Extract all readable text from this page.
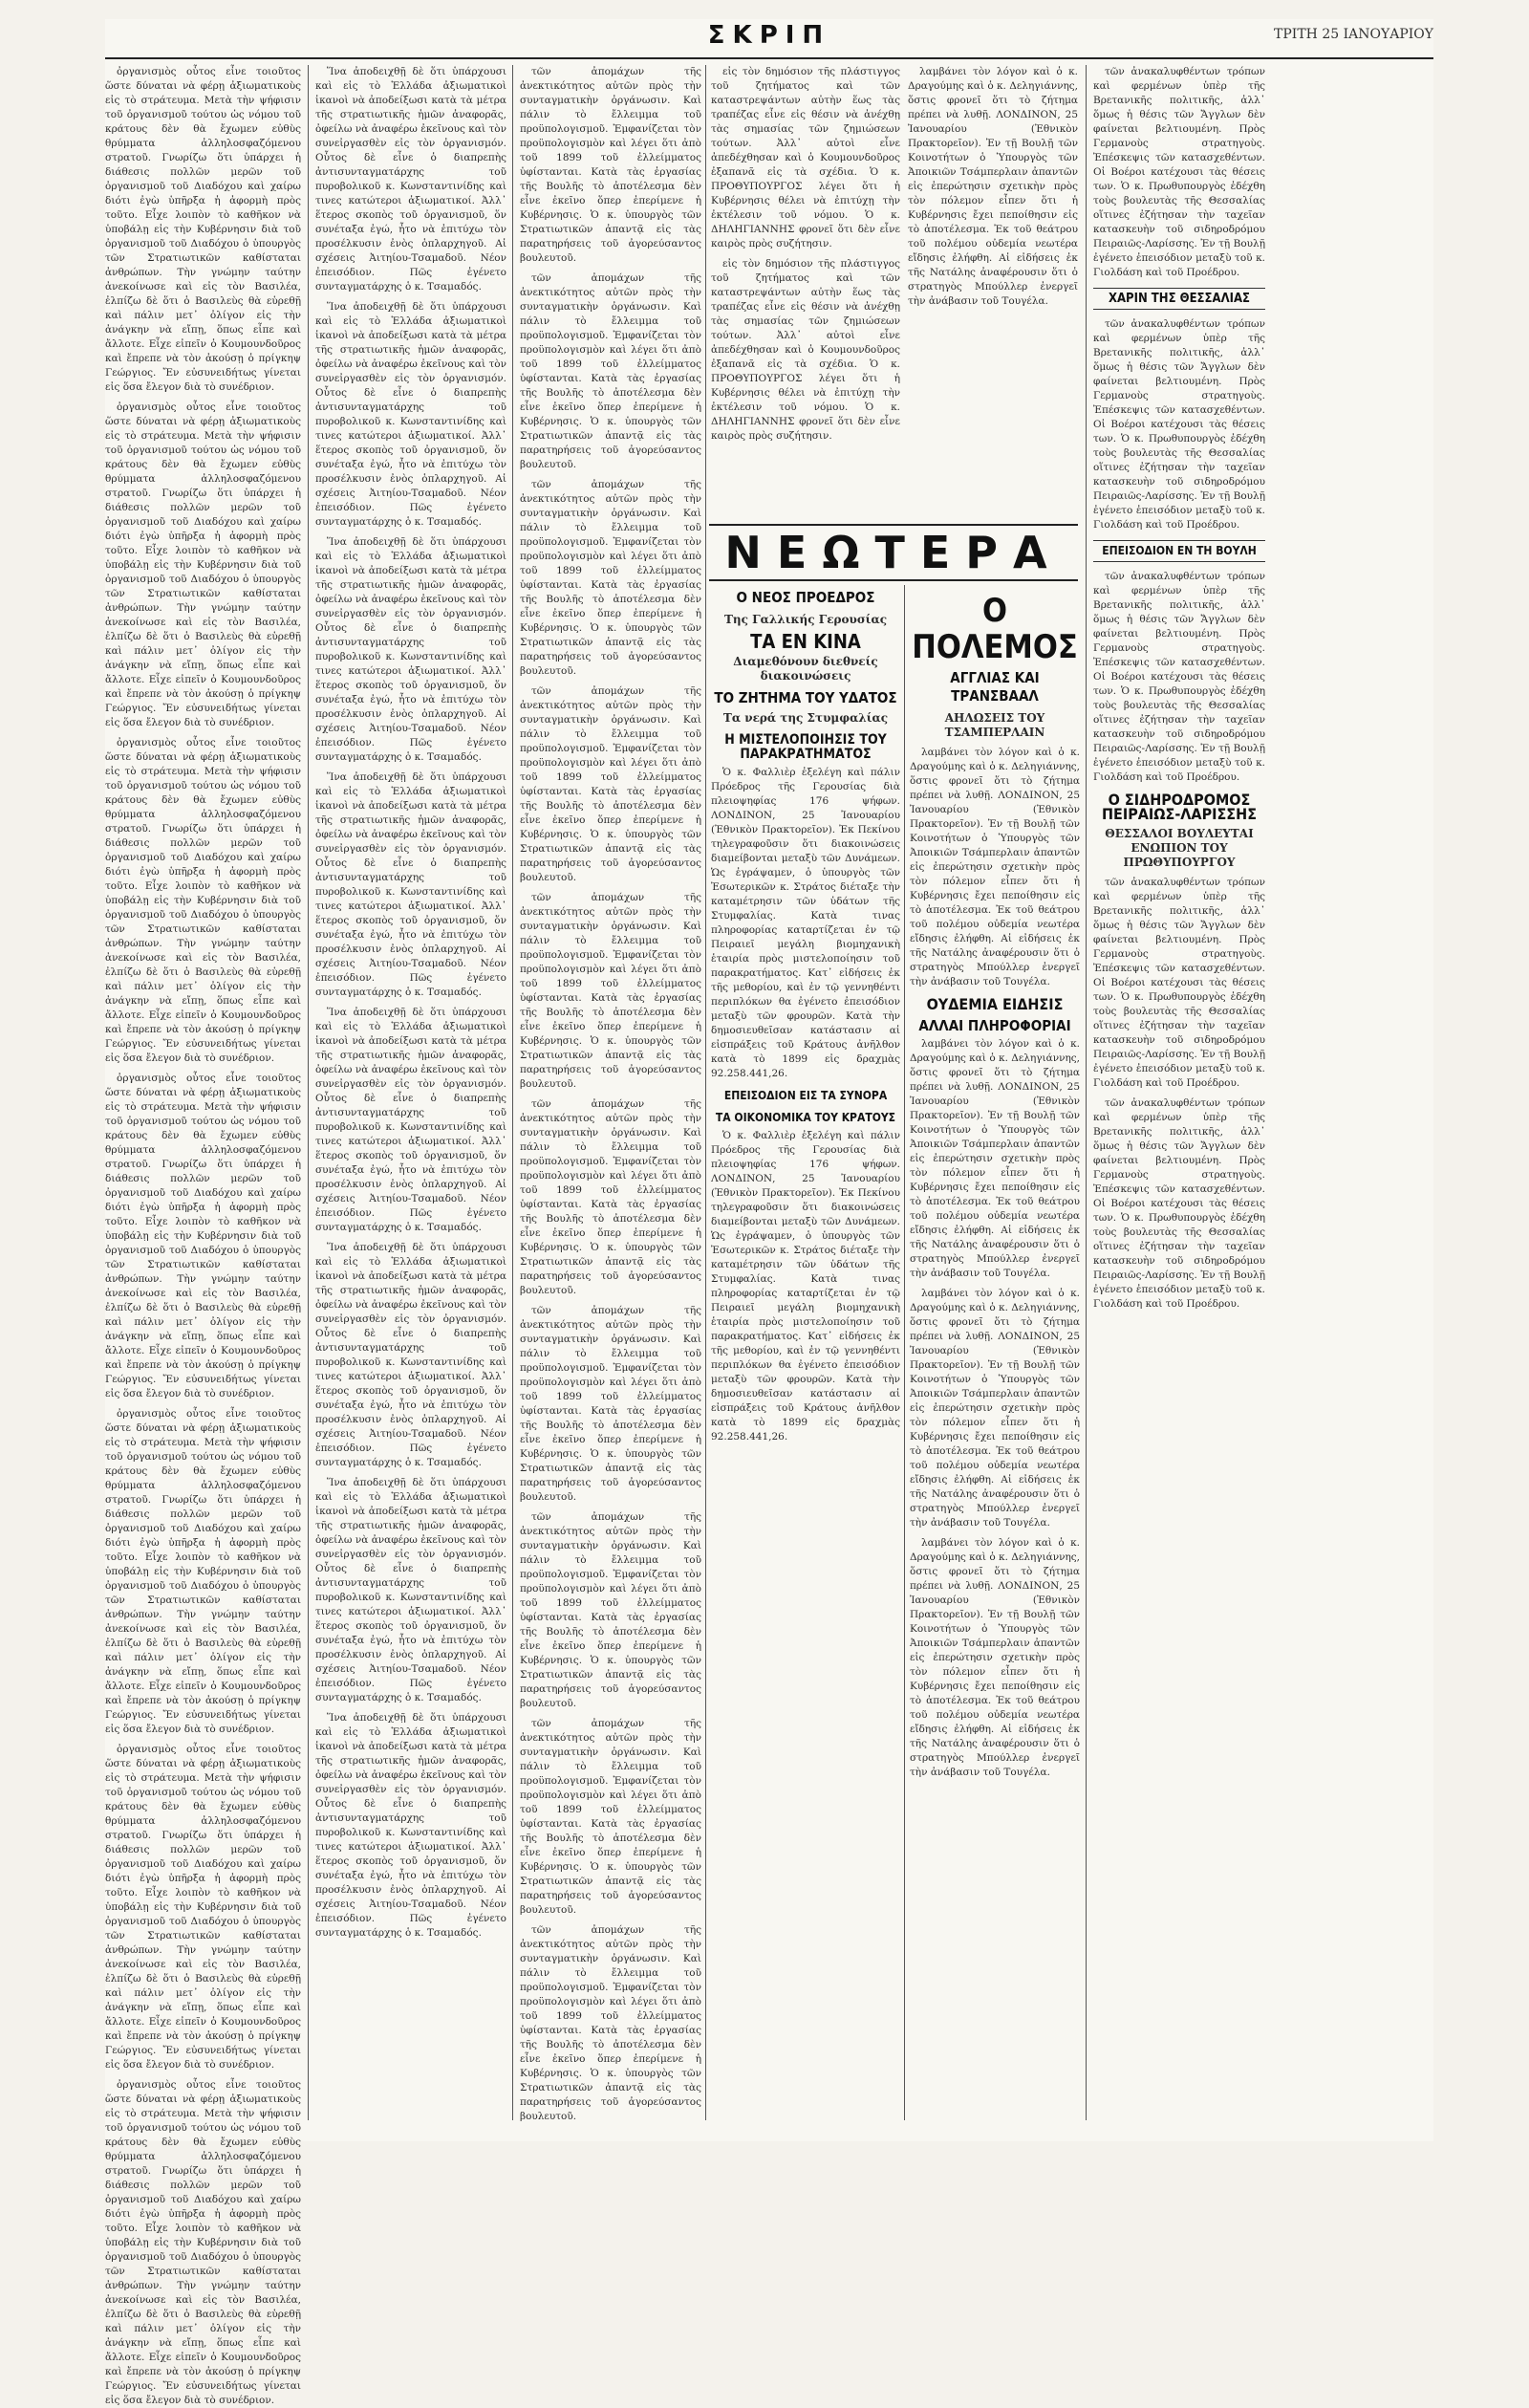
ΣΚΡΙΠ	ΤΡΙΤΗ 25 ΙΑΝΟΥΑΡΙΟΥ

ὀργανισμὸς οὗτος εἶνε τοιοῦτος ὥστε δύναται νὰ φέρῃ ἀξιωματικοὺς εἰς τὸ στράτευμα. Μετὰ τὴν ψήφισιν τοῦ ὀργανισμοῦ τούτου ὡς νόμου τοῦ κράτους δὲν θὰ ἔχωμεν εὐθὺς θρύμματα ἀλληλοσφαζόμενου στρατοῦ. Γνωρίζω ὅτι ὑπάρχει ἡ διάθεσις πολλῶν μερῶν τοῦ ὀργανισμοῦ τοῦ Διαδόχου καὶ χαίρω διότι ἐγὼ ὑπῆρξα ἡ ἀφορμὴ πρὸς τοῦτο. Εἶχε λοιπὸν τὸ καθῆκον νὰ ὑποβάλῃ εἰς τὴν Κυβέρνησιν διὰ τοῦ ὀργανισμοῦ τοῦ Διαδόχου ὁ ὑπουργὸς τῶν Στρατιωτικῶν καθίσταται ἀνθρώπων. Τὴν γνώμην ταύτην ἀνεκοίνωσε καὶ εἰς τὸν Βασιλέα, ἐλπίζω δὲ ὅτι ὁ Βασιλεὺς θὰ εὑρεθῇ καὶ πάλιν μετ᾽ ὀλίγον εἰς τὴν ἀνάγκην νὰ εἴπῃ, ὅπως εἶπε καὶ ἄλλοτε. Εἶχε εἰπεῖν ὁ Κουμουνδοῦρος καὶ ἔπρεπε νὰ τὸν ἀκούσῃ ὁ πρίγκηψ Γεώργιος. Ἔν εὐσυνειδήτως γίνεται εἰς ὅσα ἔλεγον διὰ τὸ συνέδριον.

ὀργανισμὸς οὗτος εἶνε τοιοῦτος ὥστε δύναται νὰ φέρῃ ἀξιωματικοὺς εἰς τὸ στράτευμα. Μετὰ τὴν ψήφισιν τοῦ ὀργανισμοῦ τούτου ὡς νόμου τοῦ κράτους δὲν θὰ ἔχωμεν εὐθὺς θρύμματα ἀλληλοσφαζόμενου στρατοῦ. Γνωρίζω ὅτι ὑπάρχει ἡ διάθεσις πολλῶν μερῶν τοῦ ὀργανισμοῦ τοῦ Διαδόχου καὶ χαίρω διότι ἐγὼ ὑπῆρξα ἡ ἀφορμὴ πρὸς τοῦτο. Εἶχε λοιπὸν τὸ καθῆκον νὰ ὑποβάλῃ εἰς τὴν Κυβέρνησιν διὰ τοῦ ὀργανισμοῦ τοῦ Διαδόχου ὁ ὑπουργὸς τῶν Στρατιωτικῶν καθίσταται ἀνθρώπων. Τὴν γνώμην ταύτην ἀνεκοίνωσε καὶ εἰς τὸν Βασιλέα, ἐλπίζω δὲ ὅτι ὁ Βασιλεὺς θὰ εὑρεθῇ καὶ πάλιν μετ᾽ ὀλίγον εἰς τὴν ἀνάγκην νὰ εἴπῃ, ὅπως εἶπε καὶ ἄλλοτε. Εἶχε εἰπεῖν ὁ Κουμουνδοῦρος καὶ ἔπρεπε νὰ τὸν ἀκούσῃ ὁ πρίγκηψ Γεώργιος. Ἔν εὐσυνειδήτως γίνεται εἰς ὅσα ἔλεγον διὰ τὸ συνέδριον.

ὀργανισμὸς οὗτος εἶνε τοιοῦτος ὥστε δύναται νὰ φέρῃ ἀξιωματικοὺς εἰς τὸ στράτευμα. Μετὰ τὴν ψήφισιν τοῦ ὀργανισμοῦ τούτου ὡς νόμου τοῦ κράτους δὲν θὰ ἔχωμεν εὐθὺς θρύμματα ἀλληλοσφαζόμενου στρατοῦ. Γνωρίζω ὅτι ὑπάρχει ἡ διάθεσις πολλῶν μερῶν τοῦ ὀργανισμοῦ τοῦ Διαδόχου καὶ χαίρω διότι ἐγὼ ὑπῆρξα ἡ ἀφορμὴ πρὸς τοῦτο. Εἶχε λοιπὸν τὸ καθῆκον νὰ ὑποβάλῃ εἰς τὴν Κυβέρνησιν διὰ τοῦ ὀργανισμοῦ τοῦ Διαδόχου ὁ ὑπουργὸς τῶν Στρατιωτικῶν καθίσταται ἀνθρώπων. Τὴν γνώμην ταύτην ἀνεκοίνωσε καὶ εἰς τὸν Βασιλέα, ἐλπίζω δὲ ὅτι ὁ Βασιλεὺς θὰ εὑρεθῇ καὶ πάλιν μετ᾽ ὀλίγον εἰς τὴν ἀνάγκην νὰ εἴπῃ, ὅπως εἶπε καὶ ἄλλοτε. Εἶχε εἰπεῖν ὁ Κουμουνδοῦρος καὶ ἔπρεπε νὰ τὸν ἀκούσῃ ὁ πρίγκηψ Γεώργιος. Ἔν εὐσυνειδήτως γίνεται εἰς ὅσα ἔλεγον διὰ τὸ συνέδριον.

ὀργανισμὸς οὗτος εἶνε τοιοῦτος ὥστε δύναται νὰ φέρῃ ἀξιωματικοὺς εἰς τὸ στράτευμα. Μετὰ τὴν ψήφισιν τοῦ ὀργανισμοῦ τούτου ὡς νόμου τοῦ κράτους δὲν θὰ ἔχωμεν εὐθὺς θρύμματα ἀλληλοσφαζόμενου στρατοῦ. Γνωρίζω ὅτι ὑπάρχει ἡ διάθεσις πολλῶν μερῶν τοῦ ὀργανισμοῦ τοῦ Διαδόχου καὶ χαίρω διότι ἐγὼ ὑπῆρξα ἡ ἀφορμὴ πρὸς τοῦτο. Εἶχε λοιπὸν τὸ καθῆκον νὰ ὑποβάλῃ εἰς τὴν Κυβέρνησιν διὰ τοῦ ὀργανισμοῦ τοῦ Διαδόχου ὁ ὑπουργὸς τῶν Στρατιωτικῶν καθίσταται ἀνθρώπων. Τὴν γνώμην ταύτην ἀνεκοίνωσε καὶ εἰς τὸν Βασιλέα, ἐλπίζω δὲ ὅτι ὁ Βασιλεὺς θὰ εὑρεθῇ καὶ πάλιν μετ᾽ ὀλίγον εἰς τὴν ἀνάγκην νὰ εἴπῃ, ὅπως εἶπε καὶ ἄλλοτε. Εἶχε εἰπεῖν ὁ Κουμουνδοῦρος καὶ ἔπρεπε νὰ τὸν ἀκούσῃ ὁ πρίγκηψ Γεώργιος. Ἔν εὐσυνειδήτως γίνεται εἰς ὅσα ἔλεγον διὰ τὸ συνέδριον.

ὀργανισμὸς οὗτος εἶνε τοιοῦτος ὥστε δύναται νὰ φέρῃ ἀξιωματικοὺς εἰς τὸ στράτευμα. Μετὰ τὴν ψήφισιν τοῦ ὀργανισμοῦ τούτου ὡς νόμου τοῦ κράτους δὲν θὰ ἔχωμεν εὐθὺς θρύμματα ἀλληλοσφαζόμενου στρατοῦ. Γνωρίζω ὅτι ὑπάρχει ἡ διάθεσις πολλῶν μερῶν τοῦ ὀργανισμοῦ τοῦ Διαδόχου καὶ χαίρω διότι ἐγὼ ὑπῆρξα ἡ ἀφορμὴ πρὸς τοῦτο. Εἶχε λοιπὸν τὸ καθῆκον νὰ ὑποβάλῃ εἰς τὴν Κυβέρνησιν διὰ τοῦ ὀργανισμοῦ τοῦ Διαδόχου ὁ ὑπουργὸς τῶν Στρατιωτικῶν καθίσταται ἀνθρώπων. Τὴν γνώμην ταύτην ἀνεκοίνωσε καὶ εἰς τὸν Βασιλέα, ἐλπίζω δὲ ὅτι ὁ Βασιλεὺς θὰ εὑρεθῇ καὶ πάλιν μετ᾽ ὀλίγον εἰς τὴν ἀνάγκην νὰ εἴπῃ, ὅπως εἶπε καὶ ἄλλοτε. Εἶχε εἰπεῖν ὁ Κουμουνδοῦρος καὶ ἔπρεπε νὰ τὸν ἀκούσῃ ὁ πρίγκηψ Γεώργιος. Ἔν εὐσυνειδήτως γίνεται εἰς ὅσα ἔλεγον διὰ τὸ συνέδριον.

ὀργανισμὸς οὗτος εἶνε τοιοῦτος ὥστε δύναται νὰ φέρῃ ἀξιωματικοὺς εἰς τὸ στράτευμα. Μετὰ τὴν ψήφισιν τοῦ ὀργανισμοῦ τούτου ὡς νόμου τοῦ κράτους δὲν θὰ ἔχωμεν εὐθὺς θρύμματα ἀλληλοσφαζόμενου στρατοῦ. Γνωρίζω ὅτι ὑπάρχει ἡ διάθεσις πολλῶν μερῶν τοῦ ὀργανισμοῦ τοῦ Διαδόχου καὶ χαίρω διότι ἐγὼ ὑπῆρξα ἡ ἀφορμὴ πρὸς τοῦτο. Εἶχε λοιπὸν τὸ καθῆκον νὰ ὑποβάλῃ εἰς τὴν Κυβέρνησιν διὰ τοῦ ὀργανισμοῦ τοῦ Διαδόχου ὁ ὑπουργὸς τῶν Στρατιωτικῶν καθίσταται ἀνθρώπων. Τὴν γνώμην ταύτην ἀνεκοίνωσε καὶ εἰς τὸν Βασιλέα, ἐλπίζω δὲ ὅτι ὁ Βασιλεὺς θὰ εὑρεθῇ καὶ πάλιν μετ᾽ ὀλίγον εἰς τὴν ἀνάγκην νὰ εἴπῃ, ὅπως εἶπε καὶ ἄλλοτε. Εἶχε εἰπεῖν ὁ Κουμουνδοῦρος καὶ ἔπρεπε νὰ τὸν ἀκούσῃ ὁ πρίγκηψ Γεώργιος. Ἔν εὐσυνειδήτως γίνεται εἰς ὅσα ἔλεγον διὰ τὸ συνέδριον.

ὀργανισμὸς οὗτος εἶνε τοιοῦτος ὥστε δύναται νὰ φέρῃ ἀξιωματικοὺς εἰς τὸ στράτευμα. Μετὰ τὴν ψήφισιν τοῦ ὀργανισμοῦ τούτου ὡς νόμου τοῦ κράτους δὲν θὰ ἔχωμεν εὐθὺς θρύμματα ἀλληλοσφαζόμενου στρατοῦ. Γνωρίζω ὅτι ὑπάρχει ἡ διάθεσις πολλῶν μερῶν τοῦ ὀργανισμοῦ τοῦ Διαδόχου καὶ χαίρω διότι ἐγὼ ὑπῆρξα ἡ ἀφορμὴ πρὸς τοῦτο. Εἶχε λοιπὸν τὸ καθῆκον νὰ ὑποβάλῃ εἰς τὴν Κυβέρνησιν διὰ τοῦ ὀργανισμοῦ τοῦ Διαδόχου ὁ ὑπουργὸς τῶν Στρατιωτικῶν καθίσταται ἀνθρώπων. Τὴν γνώμην ταύτην ἀνεκοίνωσε καὶ εἰς τὸν Βασιλέα, ἐλπίζω δὲ ὅτι ὁ Βασιλεὺς θὰ εὑρεθῇ καὶ πάλιν μετ᾽ ὀλίγον εἰς τὴν ἀνάγκην νὰ εἴπῃ, ὅπως εἶπε καὶ ἄλλοτε. Εἶχε εἰπεῖν ὁ Κουμουνδοῦρος καὶ ἔπρεπε νὰ τὸν ἀκούσῃ ὁ πρίγκηψ Γεώργιος. Ἔν εὐσυνειδήτως γίνεται εἰς ὅσα ἔλεγον διὰ τὸ συνέδριον.

Ἵνα ἀποδειχθῇ δὲ ὅτι ὑπάρχουσι καὶ εἰς τὸ Ἑλλάδα ἀξιωματικοὶ ἱκανοὶ νὰ ἀποδείξωσι κατὰ τὰ μέτρα τῆς στρατιωτικῆς ἡμῶν ἀναφορᾶς, ὀφείλω νὰ ἀναφέρω ἐκεῖνους καὶ τὸν συνεἰργασθὲν εἰς τὸν ὀργανισμόν. Οὗτος δὲ εἶνε ὁ διαπρεπὴς ἀντισυνταγματάρχης τοῦ πυροβολικοῦ κ. Κωνσταντινίδης καὶ τινες κατώτεροι ἀξιωματικοί. Ἀλλ᾽ ἕτερος σκοπὸς τοῦ ὀργανισμοῦ, ὅν συνέταξα ἐγώ, ἦτο νὰ ἐπιτύχω τὸν προσέλκυσιν ἐνὸς ὁπλαρχηγοῦ. Αἱ σχέσεις Ἀιτηίου-Τσαμαδοῦ. Νέον ἐπεισόδιον. Πῶς ἐγένετο συνταγματάρχης ὁ κ. Τσαμαδός.

Ἵνα ἀποδειχθῇ δὲ ὅτι ὑπάρχουσι καὶ εἰς τὸ Ἑλλάδα ἀξιωματικοὶ ἱκανοὶ νὰ ἀποδείξωσι κατὰ τὰ μέτρα τῆς στρατιωτικῆς ἡμῶν ἀναφορᾶς, ὀφείλω νὰ ἀναφέρω ἐκεῖνους καὶ τὸν συνεἰργασθὲν εἰς τὸν ὀργανισμόν. Οὗτος δὲ εἶνε ὁ διαπρεπὴς ἀντισυνταγματάρχης τοῦ πυροβολικοῦ κ. Κωνσταντινίδης καὶ τινες κατώτεροι ἀξιωματικοί. Ἀλλ᾽ ἕτερος σκοπὸς τοῦ ὀργανισμοῦ, ὅν συνέταξα ἐγώ, ἦτο νὰ ἐπιτύχω τὸν προσέλκυσιν ἐνὸς ὁπλαρχηγοῦ. Αἱ σχέσεις Ἀιτηίου-Τσαμαδοῦ. Νέον ἐπεισόδιον. Πῶς ἐγένετο συνταγματάρχης ὁ κ. Τσαμαδός.

Ἵνα ἀποδειχθῇ δὲ ὅτι ὑπάρχουσι καὶ εἰς τὸ Ἑλλάδα ἀξιωματικοὶ ἱκανοὶ νὰ ἀποδείξωσι κατὰ τὰ μέτρα τῆς στρατιωτικῆς ἡμῶν ἀναφορᾶς, ὀφείλω νὰ ἀναφέρω ἐκεῖνους καὶ τὸν συνεἰργασθὲν εἰς τὸν ὀργανισμόν. Οὗτος δὲ εἶνε ὁ διαπρεπὴς ἀντισυνταγματάρχης τοῦ πυροβολικοῦ κ. Κωνσταντινίδης καὶ τινες κατώτεροι ἀξιωματικοί. Ἀλλ᾽ ἕτερος σκοπὸς τοῦ ὀργανισμοῦ, ὅν συνέταξα ἐγώ, ἦτο νὰ ἐπιτύχω τὸν προσέλκυσιν ἐνὸς ὁπλαρχηγοῦ. Αἱ σχέσεις Ἀιτηίου-Τσαμαδοῦ. Νέον ἐπεισόδιον. Πῶς ἐγένετο συνταγματάρχης ὁ κ. Τσαμαδός.

Ἵνα ἀποδειχθῇ δὲ ὅτι ὑπάρχουσι καὶ εἰς τὸ Ἑλλάδα ἀξιωματικοὶ ἱκανοὶ νὰ ἀποδείξωσι κατὰ τὰ μέτρα τῆς στρατιωτικῆς ἡμῶν ἀναφορᾶς, ὀφείλω νὰ ἀναφέρω ἐκεῖνους καὶ τὸν συνεἰργασθὲν εἰς τὸν ὀργανισμόν. Οὗτος δὲ εἶνε ὁ διαπρεπὴς ἀντισυνταγματάρχης τοῦ πυροβολικοῦ κ. Κωνσταντινίδης καὶ τινες κατώτεροι ἀξιωματικοί. Ἀλλ᾽ ἕτερος σκοπὸς τοῦ ὀργανισμοῦ, ὅν συνέταξα ἐγώ, ἦτο νὰ ἐπιτύχω τὸν προσέλκυσιν ἐνὸς ὁπλαρχηγοῦ. Αἱ σχέσεις Ἀιτηίου-Τσαμαδοῦ. Νέον ἐπεισόδιον. Πῶς ἐγένετο συνταγματάρχης ὁ κ. Τσαμαδός.

Ἵνα ἀποδειχθῇ δὲ ὅτι ὑπάρχουσι καὶ εἰς τὸ Ἑλλάδα ἀξιωματικοὶ ἱκανοὶ νὰ ἀποδείξωσι κατὰ τὰ μέτρα τῆς στρατιωτικῆς ἡμῶν ἀναφορᾶς, ὀφείλω νὰ ἀναφέρω ἐκεῖνους καὶ τὸν συνεἰργασθὲν εἰς τὸν ὀργανισμόν. Οὗτος δὲ εἶνε ὁ διαπρεπὴς ἀντισυνταγματάρχης τοῦ πυροβολικοῦ κ. Κωνσταντινίδης καὶ τινες κατώτεροι ἀξιωματικοί. Ἀλλ᾽ ἕτερος σκοπὸς τοῦ ὀργανισμοῦ, ὅν συνέταξα ἐγώ, ἦτο νὰ ἐπιτύχω τὸν προσέλκυσιν ἐνὸς ὁπλαρχηγοῦ. Αἱ σχέσεις Ἀιτηίου-Τσαμαδοῦ. Νέον ἐπεισόδιον. Πῶς ἐγένετο συνταγματάρχης ὁ κ. Τσαμαδός.

Ἵνα ἀποδειχθῇ δὲ ὅτι ὑπάρχουσι καὶ εἰς τὸ Ἑλλάδα ἀξιωματικοὶ ἱκανοὶ νὰ ἀποδείξωσι κατὰ τὰ μέτρα τῆς στρατιωτικῆς ἡμῶν ἀναφορᾶς, ὀφείλω νὰ ἀναφέρω ἐκεῖνους καὶ τὸν συνεἰργασθὲν εἰς τὸν ὀργανισμόν. Οὗτος δὲ εἶνε ὁ διαπρεπὴς ἀντισυνταγματάρχης τοῦ πυροβολικοῦ κ. Κωνσταντινίδης καὶ τινες κατώτεροι ἀξιωματικοί. Ἀλλ᾽ ἕτερος σκοπὸς τοῦ ὀργανισμοῦ, ὅν συνέταξα ἐγώ, ἦτο νὰ ἐπιτύχω τὸν προσέλκυσιν ἐνὸς ὁπλαρχηγοῦ. Αἱ σχέσεις Ἀιτηίου-Τσαμαδοῦ. Νέον ἐπεισόδιον. Πῶς ἐγένετο συνταγματάρχης ὁ κ. Τσαμαδός.

Ἵνα ἀποδειχθῇ δὲ ὅτι ὑπάρχουσι καὶ εἰς τὸ Ἑλλάδα ἀξιωματικοὶ ἱκανοὶ νὰ ἀποδείξωσι κατὰ τὰ μέτρα τῆς στρατιωτικῆς ἡμῶν ἀναφορᾶς, ὀφείλω νὰ ἀναφέρω ἐκεῖνους καὶ τὸν συνεἰργασθὲν εἰς τὸν ὀργανισμόν. Οὗτος δὲ εἶνε ὁ διαπρεπὴς ἀντισυνταγματάρχης τοῦ πυροβολικοῦ κ. Κωνσταντινίδης καὶ τινες κατώτεροι ἀξιωματικοί. Ἀλλ᾽ ἕτερος σκοπὸς τοῦ ὀργανισμοῦ, ὅν συνέταξα ἐγώ, ἦτο νὰ ἐπιτύχω τὸν προσέλκυσιν ἐνὸς ὁπλαρχηγοῦ. Αἱ σχέσεις Ἀιτηίου-Τσαμαδοῦ. Νέον ἐπεισόδιον. Πῶς ἐγένετο συνταγματάρχης ὁ κ. Τσαμαδός.

Ἵνα ἀποδειχθῇ δὲ ὅτι ὑπάρχουσι καὶ εἰς τὸ Ἑλλάδα ἀξιωματικοὶ ἱκανοὶ νὰ ἀποδείξωσι κατὰ τὰ μέτρα τῆς στρατιωτικῆς ἡμῶν ἀναφορᾶς, ὀφείλω νὰ ἀναφέρω ἐκεῖνους καὶ τὸν συνεἰργασθὲν εἰς τὸν ὀργανισμόν. Οὗτος δὲ εἶνε ὁ διαπρεπὴς ἀντισυνταγματάρχης τοῦ πυροβολικοῦ κ. Κωνσταντινίδης καὶ τινες κατώτεροι ἀξιωματικοί. Ἀλλ᾽ ἕτερος σκοπὸς τοῦ ὀργανισμοῦ, ὅν συνέταξα ἐγώ, ἦτο νὰ ἐπιτύχω τὸν προσέλκυσιν ἐνὸς ὁπλαρχηγοῦ. Αἱ σχέσεις Ἀιτηίου-Τσαμαδοῦ. Νέον ἐπεισόδιον. Πῶς ἐγένετο συνταγματάρχης ὁ κ. Τσαμαδός.

τῶν ἀπομάχων τῆς ἀνεκτικότητος αὐτῶν πρὸς τὴν συνταγματικὴν ὀργάνωσιν. Καὶ πάλιν τὸ ἔλλειμμα τοῦ προϋπολογισμοῦ. Ἐμφανίζεται τὸν προϋπολογισμὸν καὶ λέγει ὅτι ἀπὸ τοῦ 1899 τοῦ ἐλλείμματος ὑφίστανται. Κατὰ τὰς ἐργασίας τῆς Βουλῆς τὸ ἀποτέλεσμα δὲν εἶνε ἐκεῖνο ὅπερ ἐπερίμενε ἡ Κυβέρνησις. Ὁ κ. ὑπουργὸς τῶν Στρατιωτικῶν ἀπαντᾷ εἰς τὰς παρατηρήσεις τοῦ ἀγορεύσαντος βουλευτοῦ.

τῶν ἀπομάχων τῆς ἀνεκτικότητος αὐτῶν πρὸς τὴν συνταγματικὴν ὀργάνωσιν. Καὶ πάλιν τὸ ἔλλειμμα τοῦ προϋπολογισμοῦ. Ἐμφανίζεται τὸν προϋπολογισμὸν καὶ λέγει ὅτι ἀπὸ τοῦ 1899 τοῦ ἐλλείμματος ὑφίστανται. Κατὰ τὰς ἐργασίας τῆς Βουλῆς τὸ ἀποτέλεσμα δὲν εἶνε ἐκεῖνο ὅπερ ἐπερίμενε ἡ Κυβέρνησις. Ὁ κ. ὑπουργὸς τῶν Στρατιωτικῶν ἀπαντᾷ εἰς τὰς παρατηρήσεις τοῦ ἀγορεύσαντος βουλευτοῦ.

τῶν ἀπομάχων τῆς ἀνεκτικότητος αὐτῶν πρὸς τὴν συνταγματικὴν ὀργάνωσιν. Καὶ πάλιν τὸ ἔλλειμμα τοῦ προϋπολογισμοῦ. Ἐμφανίζεται τὸν προϋπολογισμὸν καὶ λέγει ὅτι ἀπὸ τοῦ 1899 τοῦ ἐλλείμματος ὑφίστανται. Κατὰ τὰς ἐργασίας τῆς Βουλῆς τὸ ἀποτέλεσμα δὲν εἶνε ἐκεῖνο ὅπερ ἐπερίμενε ἡ Κυβέρνησις. Ὁ κ. ὑπουργὸς τῶν Στρατιωτικῶν ἀπαντᾷ εἰς τὰς παρατηρήσεις τοῦ ἀγορεύσαντος βουλευτοῦ.

τῶν ἀπομάχων τῆς ἀνεκτικότητος αὐτῶν πρὸς τὴν συνταγματικὴν ὀργάνωσιν. Καὶ πάλιν τὸ ἔλλειμμα τοῦ προϋπολογισμοῦ. Ἐμφανίζεται τὸν προϋπολογισμὸν καὶ λέγει ὅτι ἀπὸ τοῦ 1899 τοῦ ἐλλείμματος ὑφίστανται. Κατὰ τὰς ἐργασίας τῆς Βουλῆς τὸ ἀποτέλεσμα δὲν εἶνε ἐκεῖνο ὅπερ ἐπερίμενε ἡ Κυβέρνησις. Ὁ κ. ὑπουργὸς τῶν Στρατιωτικῶν ἀπαντᾷ εἰς τὰς παρατηρήσεις τοῦ ἀγορεύσαντος βουλευτοῦ.

τῶν ἀπομάχων τῆς ἀνεκτικότητος αὐτῶν πρὸς τὴν συνταγματικὴν ὀργάνωσιν. Καὶ πάλιν τὸ ἔλλειμμα τοῦ προϋπολογισμοῦ. Ἐμφανίζεται τὸν προϋπολογισμὸν καὶ λέγει ὅτι ἀπὸ τοῦ 1899 τοῦ ἐλλείμματος ὑφίστανται. Κατὰ τὰς ἐργασίας τῆς Βουλῆς τὸ ἀποτέλεσμα δὲν εἶνε ἐκεῖνο ὅπερ ἐπερίμενε ἡ Κυβέρνησις. Ὁ κ. ὑπουργὸς τῶν Στρατιωτικῶν ἀπαντᾷ εἰς τὰς παρατηρήσεις τοῦ ἀγορεύσαντος βουλευτοῦ.

τῶν ἀπομάχων τῆς ἀνεκτικότητος αὐτῶν πρὸς τὴν συνταγματικὴν ὀργάνωσιν. Καὶ πάλιν τὸ ἔλλειμμα τοῦ προϋπολογισμοῦ. Ἐμφανίζεται τὸν προϋπολογισμὸν καὶ λέγει ὅτι ἀπὸ τοῦ 1899 τοῦ ἐλλείμματος ὑφίστανται. Κατὰ τὰς ἐργασίας τῆς Βουλῆς τὸ ἀποτέλεσμα δὲν εἶνε ἐκεῖνο ὅπερ ἐπερίμενε ἡ Κυβέρνησις. Ὁ κ. ὑπουργὸς τῶν Στρατιωτικῶν ἀπαντᾷ εἰς τὰς παρατηρήσεις τοῦ ἀγορεύσαντος βουλευτοῦ.

τῶν ἀπομάχων τῆς ἀνεκτικότητος αὐτῶν πρὸς τὴν συνταγματικὴν ὀργάνωσιν. Καὶ πάλιν τὸ ἔλλειμμα τοῦ προϋπολογισμοῦ. Ἐμφανίζεται τὸν προϋπολογισμὸν καὶ λέγει ὅτι ἀπὸ τοῦ 1899 τοῦ ἐλλείμματος ὑφίστανται. Κατὰ τὰς ἐργασίας τῆς Βουλῆς τὸ ἀποτέλεσμα δὲν εἶνε ἐκεῖνο ὅπερ ἐπερίμενε ἡ Κυβέρνησις. Ὁ κ. ὑπουργὸς τῶν Στρατιωτικῶν ἀπαντᾷ εἰς τὰς παρατηρήσεις τοῦ ἀγορεύσαντος βουλευτοῦ.

τῶν ἀπομάχων τῆς ἀνεκτικότητος αὐτῶν πρὸς τὴν συνταγματικὴν ὀργάνωσιν. Καὶ πάλιν τὸ ἔλλειμμα τοῦ προϋπολογισμοῦ. Ἐμφανίζεται τὸν προϋπολογισμὸν καὶ λέγει ὅτι ἀπὸ τοῦ 1899 τοῦ ἐλλείμματος ὑφίστανται. Κατὰ τὰς ἐργασίας τῆς Βουλῆς τὸ ἀποτέλεσμα δὲν εἶνε ἐκεῖνο ὅπερ ἐπερίμενε ἡ Κυβέρνησις. Ὁ κ. ὑπουργὸς τῶν Στρατιωτικῶν ἀπαντᾷ εἰς τὰς παρατηρήσεις τοῦ ἀγορεύσαντος βουλευτοῦ.

τῶν ἀπομάχων τῆς ἀνεκτικότητος αὐτῶν πρὸς τὴν συνταγματικὴν ὀργάνωσιν. Καὶ πάλιν τὸ ἔλλειμμα τοῦ προϋπολογισμοῦ. Ἐμφανίζεται τὸν προϋπολογισμὸν καὶ λέγει ὅτι ἀπὸ τοῦ 1899 τοῦ ἐλλείμματος ὑφίστανται. Κατὰ τὰς ἐργασίας τῆς Βουλῆς τὸ ἀποτέλεσμα δὲν εἶνε ἐκεῖνο ὅπερ ἐπερίμενε ἡ Κυβέρνησις. Ὁ κ. ὑπουργὸς τῶν Στρατιωτικῶν ἀπαντᾷ εἰς τὰς παρατηρήσεις τοῦ ἀγορεύσαντος βουλευτοῦ.

τῶν ἀπομάχων τῆς ἀνεκτικότητος αὐτῶν πρὸς τὴν συνταγματικὴν ὀργάνωσιν. Καὶ πάλιν τὸ ἔλλειμμα τοῦ προϋπολογισμοῦ. Ἐμφανίζεται τὸν προϋπολογισμὸν καὶ λέγει ὅτι ἀπὸ τοῦ 1899 τοῦ ἐλλείμματος ὑφίστανται. Κατὰ τὰς ἐργασίας τῆς Βουλῆς τὸ ἀποτέλεσμα δὲν εἶνε ἐκεῖνο ὅπερ ἐπερίμενε ἡ Κυβέρνησις. Ὁ κ. ὑπουργὸς τῶν Στρατιωτικῶν ἀπαντᾷ εἰς τὰς παρατηρήσεις τοῦ ἀγορεύσαντος βουλευτοῦ.

εἰς τὸν δημόσιον τῆς πλάστιγγος τοῦ ζητήματος καὶ τῶν καταστρεψάντων αὐτὴν ἕως τὰς τραπέζας εἶνε εἰς θέσιν νὰ ἀνέχθῃ τὰς σημασίας τῶν ζημιώσεων τούτων. Ἀλλ᾽ αὐτοὶ εἶνε ἀπεδέχθησαν καὶ ὁ Κουμουνδοῦρος ἐξαπανᾶ εἰς τὰ σχέδια. Ὁ κ. ΠΡΟΘΥΠΟΥΡΓΟΣ λέγει ὅτι ἡ Κυβέρνησις θέλει νὰ ἐπιτύχῃ τὴν ἐκτέλεσιν τοῦ νόμου. Ὁ κ. ΔΗΛΗΓΙΑΝΝΗΣ φρονεῖ ὅτι δὲν εἶνε καιρὸς πρὸς συζήτησιν.

εἰς τὸν δημόσιον τῆς πλάστιγγος τοῦ ζητήματος καὶ τῶν καταστρεψάντων αὐτὴν ἕως τὰς τραπέζας εἶνε εἰς θέσιν νὰ ἀνέχθῃ τὰς σημασίας τῶν ζημιώσεων τούτων. Ἀλλ᾽ αὐτοὶ εἶνε ἀπεδέχθησαν καὶ ὁ Κουμουνδοῦρος ἐξαπανᾶ εἰς τὰ σχέδια. Ὁ κ. ΠΡΟΘΥΠΟΥΡΓΟΣ λέγει ὅτι ἡ Κυβέρνησις θέλει νὰ ἐπιτύχῃ τὴν ἐκτέλεσιν τοῦ νόμου. Ὁ κ. ΔΗΛΗΓΙΑΝΝΗΣ φρονεῖ ὅτι δὲν εἶνε καιρὸς πρὸς συζήτησιν.

λαμβάνει τὸν λόγον καὶ ὁ κ. Δραγούμης καὶ ὁ κ. Δεληγιάννης, ὅστις φρονεῖ ὅτι τὸ ζήτημα πρέπει νὰ λυθῇ. ΛΟΝΔΙΝΟΝ, 25 Ἰανουαρίου (Ἐθνικὸν Πρακτορεῖον). Ἐν τῇ Βουλῇ τῶν Κοινοτήτων ὁ Ὑπουργὸς τῶν Ἀποικιῶν Τσάμπερλαιν ἀπαντῶν εἰς ἐπερώτησιν σχετικὴν πρὸς τὸν πόλεμον εἶπεν ὅτι ἡ Κυβέρνησις ἔχει πεποίθησιν εἰς τὸ ἀποτέλεσμα. Ἐκ τοῦ θεάτρου τοῦ πολέμου οὐδεμία νεωτέρα εἴδησις ἐλήφθη. Αἱ εἰδήσεις ἐκ τῆς Νατάλης ἀναφέρουσιν ὅτι ὁ στρατηγὸς Μπούλλερ ἐνεργεῖ τὴν ἀνάβασιν τοῦ Τουγέλα.

ΝΕΩΤΕΡΑ
Ο ΝΕΟΣ ΠΡΟΕΔΡΟΣ
Της Γαλλικής Γερουσίας
ΤΑ ΕΝ ΚΙΝΑ
Διαμεθόνουν διεθνείς διακοινώσεις
ΤΟ ΖΗΤΗΜΑ ΤΟΥ ΥΔΑΤΟΣ
Τα νερά της Στυμφαλίας
Η ΜΙΣΤΕΛΟΠΟΙΗΣΙΣ ΤΟΥ ΠΑΡΑΚΡΑΤΗΜΑΤΟΣ

Ὁ κ. Φαλλιὲρ ἐξελέγη καὶ πάλιν Πρόεδρος τῆς Γερουσίας διὰ πλειοψηφίας 176 ψήφων. ΛΟΝΔΙΝΟΝ, 25 Ἰανουαρίου (Ἐθνικὸν Πρακτορεῖον). Ἐκ Πεκίνου τηλεγραφοῦσιν ὅτι διακοινώσεις διαμείβονται μεταξὺ τῶν Δυνάμεων. Ὡς ἐγράψαμεν, ὁ ὑπουργὸς τῶν Ἐσωτερικῶν κ. Στράτος διέταξε τὴν καταμέτρησιν τῶν ὑδάτων τῆς Στυμφαλίας. Κατὰ τινας πληροφορίας καταρτίζεται ἐν τῷ Πειραιεῖ μεγάλη βιομηχανικὴ ἑταιρία πρὸς μιστελοποίησιν τοῦ παρακρατήματος. Κατ᾽ εἰδήσεις ἐκ τῆς μεθορίου, καὶ ἐν τῷ γεννηθέντι περιπλόκων θα ἐγένετο ἐπεισόδιον μεταξὺ τῶν φρουρῶν. Κατὰ τὴν δημοσιευθεῖσαν κατάστασιν αἱ εἰσπράξεις τοῦ Κράτους ἀνῆλθον κατὰ τὸ 1899 εἰς δραχμὰς 92.258.441,26.

ΕΠΕΙΣΟΔΙΟΝ ΕΙΣ ΤΑ ΣΥΝΟΡΑ
ΤΑ ΟΙΚΟΝΟΜΙΚΑ ΤΟΥ ΚΡΑΤΟΥΣ

Ὁ κ. Φαλλιὲρ ἐξελέγη καὶ πάλιν Πρόεδρος τῆς Γερουσίας διὰ πλειοψηφίας 176 ψήφων. ΛΟΝΔΙΝΟΝ, 25 Ἰανουαρίου (Ἐθνικὸν Πρακτορεῖον). Ἐκ Πεκίνου τηλεγραφοῦσιν ὅτι διακοινώσεις διαμείβονται μεταξὺ τῶν Δυνάμεων. Ὡς ἐγράψαμεν, ὁ ὑπουργὸς τῶν Ἐσωτερικῶν κ. Στράτος διέταξε τὴν καταμέτρησιν τῶν ὑδάτων τῆς Στυμφαλίας. Κατὰ τινας πληροφορίας καταρτίζεται ἐν τῷ Πειραιεῖ μεγάλη βιομηχανικὴ ἑταιρία πρὸς μιστελοποίησιν τοῦ παρακρατήματος. Κατ᾽ εἰδήσεις ἐκ τῆς μεθορίου, καὶ ἐν τῷ γεννηθέντι περιπλόκων θα ἐγένετο ἐπεισόδιον μεταξὺ τῶν φρουρῶν. Κατὰ τὴν δημοσιευθεῖσαν κατάστασιν αἱ εἰσπράξεις τοῦ Κράτους ἀνῆλθον κατὰ τὸ 1899 εἰς δραχμὰς 92.258.441,26.

Ο ΠΟΛΕΜΟΣ
ΑΓΓΛΙΑΣ ΚΑΙ ΤΡΑΝΣΒΑΑΛ
ΑΗΛΩΣΕΙΣ ΤΟΥ ΤΣΑΜΠΕΡΛΑΙΝ

λαμβάνει τὸν λόγον καὶ ὁ κ. Δραγούμης καὶ ὁ κ. Δεληγιάννης, ὅστις φρονεῖ ὅτι τὸ ζήτημα πρέπει νὰ λυθῇ. ΛΟΝΔΙΝΟΝ, 25 Ἰανουαρίου (Ἐθνικὸν Πρακτορεῖον). Ἐν τῇ Βουλῇ τῶν Κοινοτήτων ὁ Ὑπουργὸς τῶν Ἀποικιῶν Τσάμπερλαιν ἀπαντῶν εἰς ἐπερώτησιν σχετικὴν πρὸς τὸν πόλεμον εἶπεν ὅτι ἡ Κυβέρνησις ἔχει πεποίθησιν εἰς τὸ ἀποτέλεσμα. Ἐκ τοῦ θεάτρου τοῦ πολέμου οὐδεμία νεωτέρα εἴδησις ἐλήφθη. Αἱ εἰδήσεις ἐκ τῆς Νατάλης ἀναφέρουσιν ὅτι ὁ στρατηγὸς Μπούλλερ ἐνεργεῖ τὴν ἀνάβασιν τοῦ Τουγέλα.

ΟΥΔΕΜΙΑ ΕΙΔΗΣΙΣ
ΑΛΛΑΙ ΠΛΗΡΟΦΟΡΙΑΙ

λαμβάνει τὸν λόγον καὶ ὁ κ. Δραγούμης καὶ ὁ κ. Δεληγιάννης, ὅστις φρονεῖ ὅτι τὸ ζήτημα πρέπει νὰ λυθῇ. ΛΟΝΔΙΝΟΝ, 25 Ἰανουαρίου (Ἐθνικὸν Πρακτορεῖον). Ἐν τῇ Βουλῇ τῶν Κοινοτήτων ὁ Ὑπουργὸς τῶν Ἀποικιῶν Τσάμπερλαιν ἀπαντῶν εἰς ἐπερώτησιν σχετικὴν πρὸς τὸν πόλεμον εἶπεν ὅτι ἡ Κυβέρνησις ἔχει πεποίθησιν εἰς τὸ ἀποτέλεσμα. Ἐκ τοῦ θεάτρου τοῦ πολέμου οὐδεμία νεωτέρα εἴδησις ἐλήφθη. Αἱ εἰδήσεις ἐκ τῆς Νατάλης ἀναφέρουσιν ὅτι ὁ στρατηγὸς Μπούλλερ ἐνεργεῖ τὴν ἀνάβασιν τοῦ Τουγέλα.

λαμβάνει τὸν λόγον καὶ ὁ κ. Δραγούμης καὶ ὁ κ. Δεληγιάννης, ὅστις φρονεῖ ὅτι τὸ ζήτημα πρέπει νὰ λυθῇ. ΛΟΝΔΙΝΟΝ, 25 Ἰανουαρίου (Ἐθνικὸν Πρακτορεῖον). Ἐν τῇ Βουλῇ τῶν Κοινοτήτων ὁ Ὑπουργὸς τῶν Ἀποικιῶν Τσάμπερλαιν ἀπαντῶν εἰς ἐπερώτησιν σχετικὴν πρὸς τὸν πόλεμον εἶπεν ὅτι ἡ Κυβέρνησις ἔχει πεποίθησιν εἰς τὸ ἀποτέλεσμα. Ἐκ τοῦ θεάτρου τοῦ πολέμου οὐδεμία νεωτέρα εἴδησις ἐλήφθη. Αἱ εἰδήσεις ἐκ τῆς Νατάλης ἀναφέρουσιν ὅτι ὁ στρατηγὸς Μπούλλερ ἐνεργεῖ τὴν ἀνάβασιν τοῦ Τουγέλα.

λαμβάνει τὸν λόγον καὶ ὁ κ. Δραγούμης καὶ ὁ κ. Δεληγιάννης, ὅστις φρονεῖ ὅτι τὸ ζήτημα πρέπει νὰ λυθῇ. ΛΟΝΔΙΝΟΝ, 25 Ἰανουαρίου (Ἐθνικὸν Πρακτορεῖον). Ἐν τῇ Βουλῇ τῶν Κοινοτήτων ὁ Ὑπουργὸς τῶν Ἀποικιῶν Τσάμπερλαιν ἀπαντῶν εἰς ἐπερώτησιν σχετικὴν πρὸς τὸν πόλεμον εἶπεν ὅτι ἡ Κυβέρνησις ἔχει πεποίθησιν εἰς τὸ ἀποτέλεσμα. Ἐκ τοῦ θεάτρου τοῦ πολέμου οὐδεμία νεωτέρα εἴδησις ἐλήφθη. Αἱ εἰδήσεις ἐκ τῆς Νατάλης ἀναφέρουσιν ὅτι ὁ στρατηγὸς Μπούλλερ ἐνεργεῖ τὴν ἀνάβασιν τοῦ Τουγέλα.

τῶν ἀνακαλυφθέντων τρόπων καὶ φερμένων ὑπὲρ τῆς Βρετανικῆς πολιτικῆς, ἀλλ᾽ ὅμως ἡ θέσις τῶν Ἄγγλων δὲν φαίνεται βελτιουμένη. Πρὸς Γερμανοὺς στρατηγοὺς. Ἐπέσκεψις τῶν κατασχεθέντων. Οἱ Βοέροι κατέχουσι τὰς θέσεις των. Ὁ κ. Πρωθυπουργὸς ἐδέχθη τοὺς βουλευτὰς τῆς Θεσσαλίας οἵτινες ἐζήτησαν τὴν ταχεῖαν κατασκευὴν τοῦ σιδηροδρόμου Πειραιῶς-Λαρίσσης. Ἐν τῇ Βουλῇ ἐγένετο ἐπεισόδιον μεταξὺ τοῦ κ. Γιολδάση καὶ τοῦ Προέδρου.

ΧΑΡΙΝ ΤΗΣ ΘΕΣΣΑΛΙΑΣ

τῶν ἀνακαλυφθέντων τρόπων καὶ φερμένων ὑπὲρ τῆς Βρετανικῆς πολιτικῆς, ἀλλ᾽ ὅμως ἡ θέσις τῶν Ἄγγλων δὲν φαίνεται βελτιουμένη. Πρὸς Γερμανοὺς στρατηγοὺς. Ἐπέσκεψις τῶν κατασχεθέντων. Οἱ Βοέροι κατέχουσι τὰς θέσεις των. Ὁ κ. Πρωθυπουργὸς ἐδέχθη τοὺς βουλευτὰς τῆς Θεσσαλίας οἵτινες ἐζήτησαν τὴν ταχεῖαν κατασκευὴν τοῦ σιδηροδρόμου Πειραιῶς-Λαρίσσης. Ἐν τῇ Βουλῇ ἐγένετο ἐπεισόδιον μεταξὺ τοῦ κ. Γιολδάση καὶ τοῦ Προέδρου.

ΕΠΕΙΣΟΔΙΟΝ ΕΝ ΤΗ ΒΟΥΛΗ

τῶν ἀνακαλυφθέντων τρόπων καὶ φερμένων ὑπὲρ τῆς Βρετανικῆς πολιτικῆς, ἀλλ᾽ ὅμως ἡ θέσις τῶν Ἄγγλων δὲν φαίνεται βελτιουμένη. Πρὸς Γερμανοὺς στρατηγοὺς. Ἐπέσκεψις τῶν κατασχεθέντων. Οἱ Βοέροι κατέχουσι τὰς θέσεις των. Ὁ κ. Πρωθυπουργὸς ἐδέχθη τοὺς βουλευτὰς τῆς Θεσσαλίας οἵτινες ἐζήτησαν τὴν ταχεῖαν κατασκευὴν τοῦ σιδηροδρόμου Πειραιῶς-Λαρίσσης. Ἐν τῇ Βουλῇ ἐγένετο ἐπεισόδιον μεταξὺ τοῦ κ. Γιολδάση καὶ τοῦ Προέδρου.

Ο ΣΙΔΗΡΟΔΡΟΜΟΣ ΠΕΙΡΑΙΩΣ-ΛΑΡΙΣΣΗΣ
ΘΕΣΣΑΛΟΙ ΒΟΥΛΕΥΤΑΙ ΕΝΩΠΙΟΝ ΤΟΥ ΠΡΩΘΥΠΟΥΡΓΟΥ

τῶν ἀνακαλυφθέντων τρόπων καὶ φερμένων ὑπὲρ τῆς Βρετανικῆς πολιτικῆς, ἀλλ᾽ ὅμως ἡ θέσις τῶν Ἄγγλων δὲν φαίνεται βελτιουμένη. Πρὸς Γερμανοὺς στρατηγοὺς. Ἐπέσκεψις τῶν κατασχεθέντων. Οἱ Βοέροι κατέχουσι τὰς θέσεις των. Ὁ κ. Πρωθυπουργὸς ἐδέχθη τοὺς βουλευτὰς τῆς Θεσσαλίας οἵτινες ἐζήτησαν τὴν ταχεῖαν κατασκευὴν τοῦ σιδηροδρόμου Πειραιῶς-Λαρίσσης. Ἐν τῇ Βουλῇ ἐγένετο ἐπεισόδιον μεταξὺ τοῦ κ. Γιολδάση καὶ τοῦ Προέδρου.

τῶν ἀνακαλυφθέντων τρόπων καὶ φερμένων ὑπὲρ τῆς Βρετανικῆς πολιτικῆς, ἀλλ᾽ ὅμως ἡ θέσις τῶν Ἄγγλων δὲν φαίνεται βελτιουμένη. Πρὸς Γερμανοὺς στρατηγοὺς. Ἐπέσκεψις τῶν κατασχεθέντων. Οἱ Βοέροι κατέχουσι τὰς θέσεις των. Ὁ κ. Πρωθυπουργὸς ἐδέχθη τοὺς βουλευτὰς τῆς Θεσσαλίας οἵτινες ἐζήτησαν τὴν ταχεῖαν κατασκευὴν τοῦ σιδηροδρόμου Πειραιῶς-Λαρίσσης. Ἐν τῇ Βουλῇ ἐγένετο ἐπεισόδιον μεταξὺ τοῦ κ. Γιολδάση καὶ τοῦ Προέδρου.
